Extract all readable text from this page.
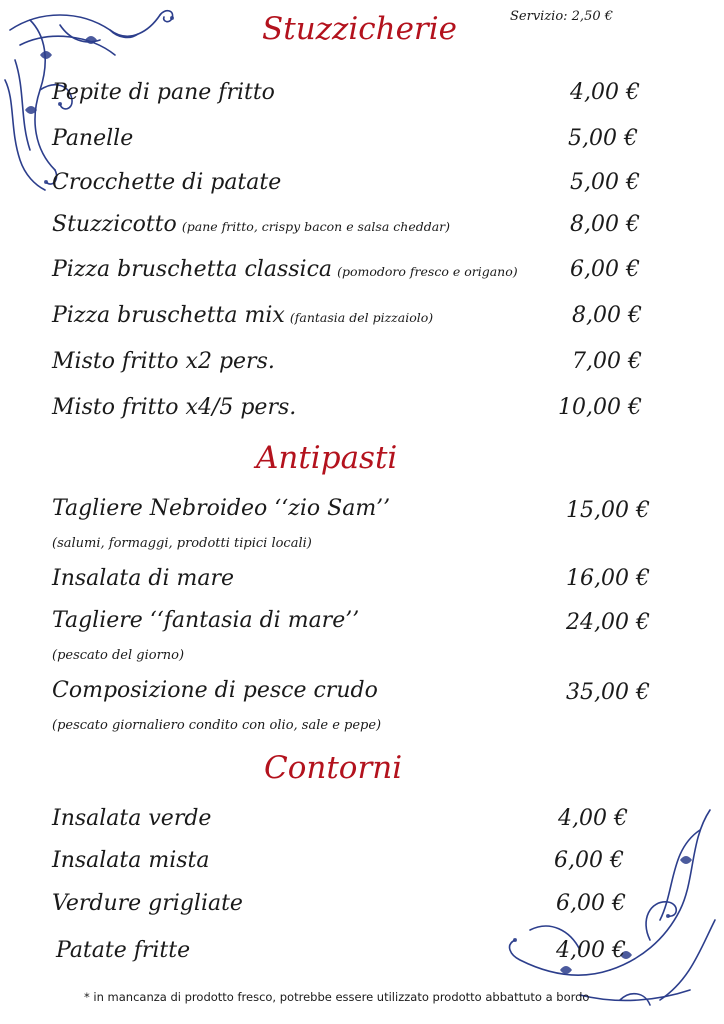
Servizio: 2,50 €
Stuzzicherie
Pepite di pane fritto	4,00 €
Panelle	5,00 €
Crocchette di patate	5,00 €
Stuzzicotto (pane fritto, crispy bacon e salsa cheddar)	8,00 €
Pizza bruschetta classica (pomodoro fresco e origano)	6,00 €
Pizza bruschetta mix (fantasia del pizzaiolo)	8,00 €
Misto fritto x2 pers.	7,00 €
Misto fritto x4/5 pers.	10,00 €
Antipasti
Tagliere Nebroideo ‘‘zio Sam’’	15,00 €
(salumi, formaggi, prodotti tipici locali)
Insalata di mare	16,00 €
Tagliere ‘‘fantasia di mare’’	24,00 €
(pescato del giorno)
Composizione di pesce crudo	35,00 €
(pescato giornaliero condito con olio, sale e pepe)
Contorni
Insalata verde	4,00 €
Insalata mista	6,00 €
Verdure grigliate	6,00 €
Patate fritte	4,00 €
* in mancanza di prodotto fresco, potrebbe essere utilizzato prodotto abbattuto a bordo
